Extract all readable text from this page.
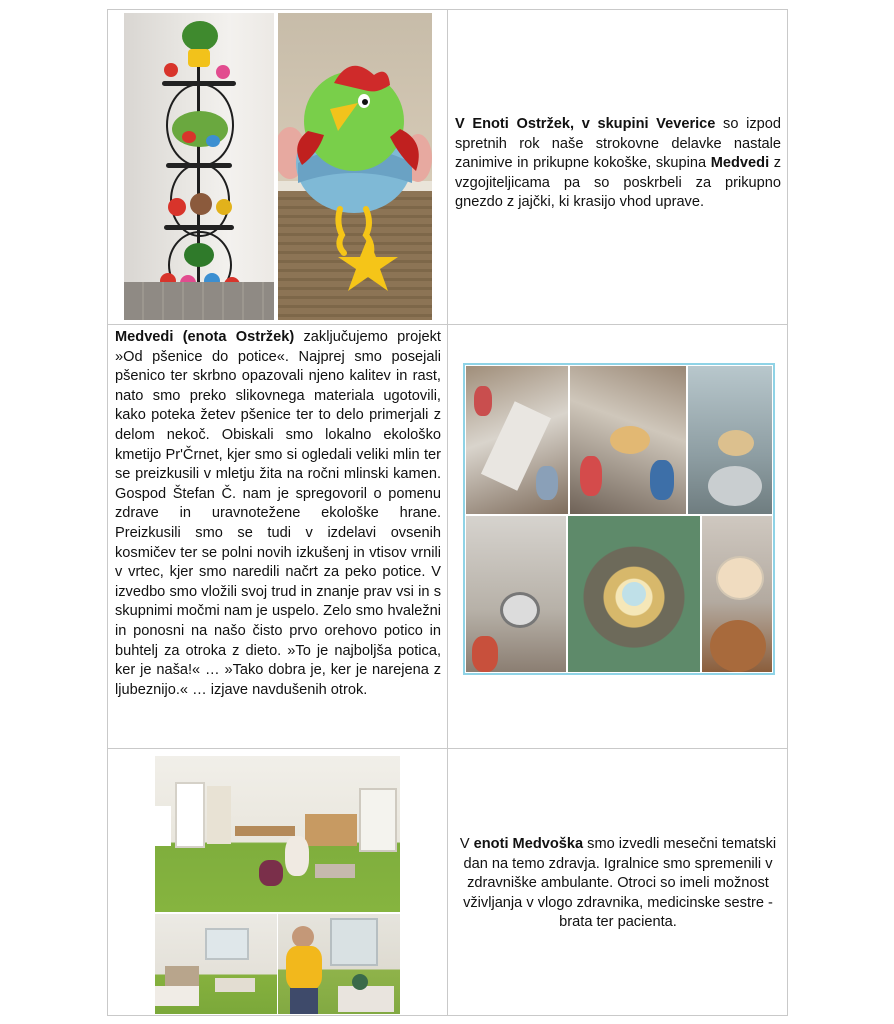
V Enoti Ostržek, v skupini Veverice so izpod spretnih rok naše strokovne delavke nastale zanimive in prikupne kokoške, skupina Medvedi z vzgojiteljicama pa so poskrbeli za prikupno gnezdo z jajčki, ki krasijo vhod uprave.

Medvedi (enota Ostržek) zaključujemo projekt »Od pšenice do potice«. Najprej smo posejali pšenico ter skrbno opazovali njeno kalitev in rast, nato smo preko slikovnega materiala ugotovili, kako poteka žetev pšenice ter to delo primerjali z delom nekoč. Obiskali smo lokalno ekološko kmetijo Pr'Črnet, kjer smo si ogledali veliki mlin ter se preizkusili v mletju žita na ročni mlinski kamen. Gospod Štefan Č. nam je spregovoril o pomenu zdrave in uravnotežene ekološke hrane. Preizkusili smo se tudi v izdelavi ovsenih kosmičev ter se polni novih izkušenj in vtisov vrnili v vrtec, kjer smo naredili načrt za peko potice. V izvedbo smo vložili svoj trud in znanje prav vsi in s skupnimi močmi nam je uspelo. Zelo smo hvaležni in ponosni na našo čisto prvo orehovo potico in buhtelj za otroka z dieto. »To je najboljša potica, ker je naša!« … »Tako dobra je, ker je narejena z ljubeznijo.« … izjave navdušenih otrok.

V enoti Medvoška smo izvedli mesečni tematski dan na temo zdravja. Igralnice smo spremenili v zdravniške ambulante. Otroci so imeli možnost vživljanja v vlogo zdravnika, medicinske sestre - brata ter pacienta.
